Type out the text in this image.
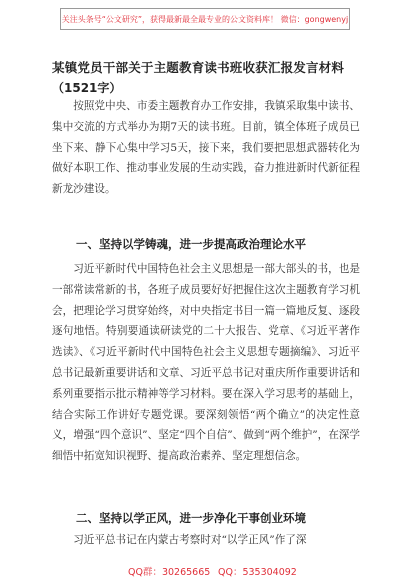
关注头条号“公文研究”，获得最新最全最专业的公文资料库！ 微信：gongwenyj
某镇党员干部关于主题教育读书班收获汇报发言材料
（1521字）

按照党中央、市委主题教育办工作安排，我镇采取集中读书、集中交流的方式举办为期7天的读书班。目前，镇全体班子成员已坐下来、静下心集中学习5天，接下来，我们要把思想武器转化为做好本职工作、推动事业发展的生动实践，奋力推进新时代新征程新龙沙建设。

一、坚持以学铸魂，进一步提高政治理论水平

习近平新时代中国特色社会主义思想是一部大部头的书，也是一部常读常新的书，各班子成员要好好把握住这次主题教育学习机会，把理论学习贯穿始终，对中央指定书目一篇一篇地反复、逐段逐句地悟。特别要通读研读党的二十大报告、党章、《习近平著作选读》、《习近平新时代中国特色社会主义思想专题摘编》、习近平总书记最新重要讲话和文章、习近平总书记对重庆所作重要讲话和系列重要指示批示精神等学习材料。要在深入学习思考的基础上，结合实际工作讲好专题党课。要深刻领悟“两个确立”的决定性意义，增强“四个意识”、坚定“四个自信”、做到“两个维护”，在深学细悟中拓宽知识视野、提高政治素养、坚定理想信念。

二、坚持以学正风，进一步净化干事创业环境

习近平总书记在内蒙古考察时对“以学正风”作了深

QQ群：30265665 QQ：535304092
